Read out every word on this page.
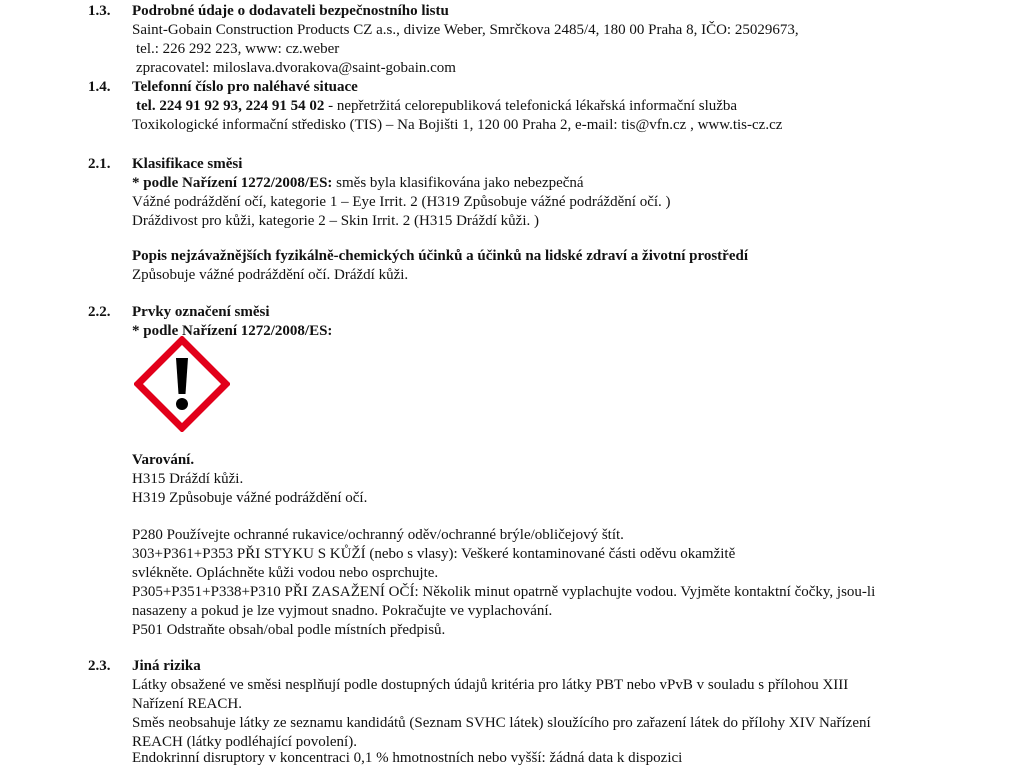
1.3. Podrobné údaje o dodavateli bezpečnostního listu
Saint-Gobain Construction Products CZ a.s., divize Weber, Smrčkova 2485/4, 180 00 Praha 8, IČO: 25029673,
tel.: 226 292 223, www: cz.weber
zpracovatel: miloslava.dvorakova@saint-gobain.com
1.4. Telefonní číslo pro naléhavé situace
tel. 224 91 92 93, 224 91 54 02 - nepřetržitá celorepubliková telefonická lékařská informační služba
Toxikologické informační středisko (TIS) – Na Bojišti 1, 120 00 Praha 2, e-mail: tis@vfn.cz , www.tis-cz.cz
2.1. Klasifikace směsi
* podle Nařízení 1272/2008/ES: směs byla klasifikována jako nebezpečná
Vážné podráždění očí, kategorie 1 – Eye Irrit. 2 (H319 Způsobuje vážné podráždění očí. )
Dráždivost pro kůži, kategorie 2 – Skin Irrit. 2 (H315 Dráždí kůži. )
Popis nejzávažnějších fyzikálně-chemických účinků a účinků na lidské zdraví a životní prostředí
Způsobuje vážné podráždění očí. Dráždí kůži.
2.2. Prvky označení směsi
* podle Nařízení 1272/2008/ES:
Varování.
H315 Dráždí kůži.
H319 Způsobuje vážné podráždění očí.
P280 Používejte ochranné rukavice/ochranný oděv/ochranné brýle/obličejový štít.
303+P361+P353 PŘI STYKU S KŮŽÍ (nebo s vlasy): Veškeré kontaminované části oděvu okamžitě
svlékněte. Opláchněte kůži vodou nebo osprchujte.
P305+P351+P338+P310 PŘI ZASAŽENÍ OČÍ: Několik minut opatrně vyplachujte vodou. Vyjměte kontaktní čočky, jsou-li
nasazeny a pokud je lze vyjmout snadno. Pokračujte ve vyplachování.
P501 Odstraňte obsah/obal podle místních předpisů.
2.3. Jiná rizika
Látky obsažené ve směsi nesplňují podle dostupných údajů kritéria pro látky PBT nebo vPvB v souladu s přílohou XIII
Nařízení REACH.
Směs neobsahuje látky ze seznamu kandidátů (Seznam SVHC látek) sloužícího pro zařazení látek do přílohy XIV Nařízení
REACH (látky podléhající povolení).
Endokrinní disruptory v koncentraci 0,1 % hmotnostních nebo vyšší: žádná data k dispozici
